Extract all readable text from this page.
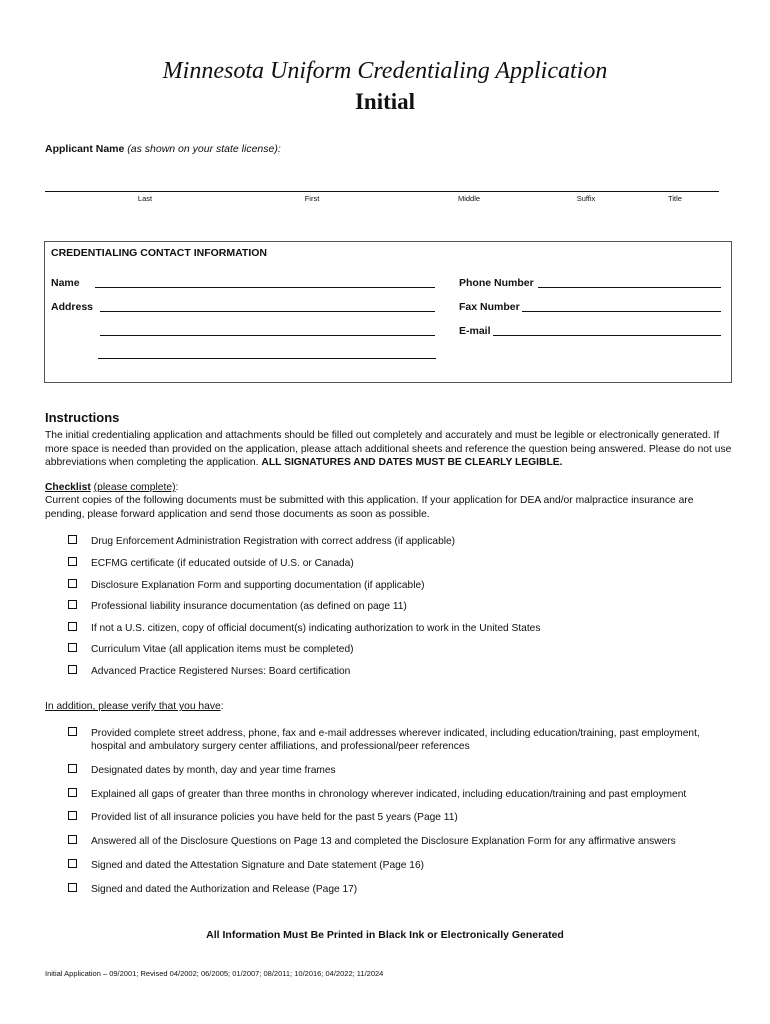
Minnesota Uniform Credentialing Application
Initial
Applicant Name (as shown on your state license):
Last	First	Middle	Suffix	Title
CREDENTIALING CONTACT INFORMATION
Name
Address
Phone Number
Fax Number
E-mail
Instructions
The initial credentialing application and attachments should be filled out completely and accurately and must be legible or electronically generated. If more space is needed than provided on the application, please attach additional sheets and reference the question being answered. Please do not use abbreviations when completing the application. ALL SIGNATURES AND DATES MUST BE CLEARLY LEGIBLE.
Checklist (please complete):
Current copies of the following documents must be submitted with this application. If your application for DEA and/or malpractice insurance are pending, please forward application and send those documents as soon as possible.
Drug Enforcement Administration Registration with correct address (if applicable)
ECFMG certificate (if educated outside of U.S. or Canada)
Disclosure Explanation Form and supporting documentation (if applicable)
Professional liability insurance documentation (as defined on page 11)
If not a U.S. citizen, copy of official document(s) indicating authorization to work in the United States
Curriculum Vitae (all application items must be completed)
Advanced Practice Registered Nurses: Board certification
In addition, please verify that you have:
Provided complete street address, phone, fax and e-mail addresses wherever indicated, including education/training, past employment, hospital and ambulatory surgery center affiliations, and professional/peer references
Designated dates by month, day and year time frames
Explained all gaps of greater than three months in chronology wherever indicated, including education/training and past employment
Provided list of all insurance policies you have held for the past 5 years (Page 11)
Answered all of the Disclosure Questions on Page 13 and completed the Disclosure Explanation Form for any affirmative answers
Signed and dated the Attestation Signature and Date statement (Page 16)
Signed and dated the Authorization and Release (Page 17)
All Information Must Be Printed in Black Ink or Electronically Generated
Initial Application – 09/2001; Revised 04/2002; 06/2005; 01/2007; 08/2011; 10/2016; 04/2022; 11/2024
